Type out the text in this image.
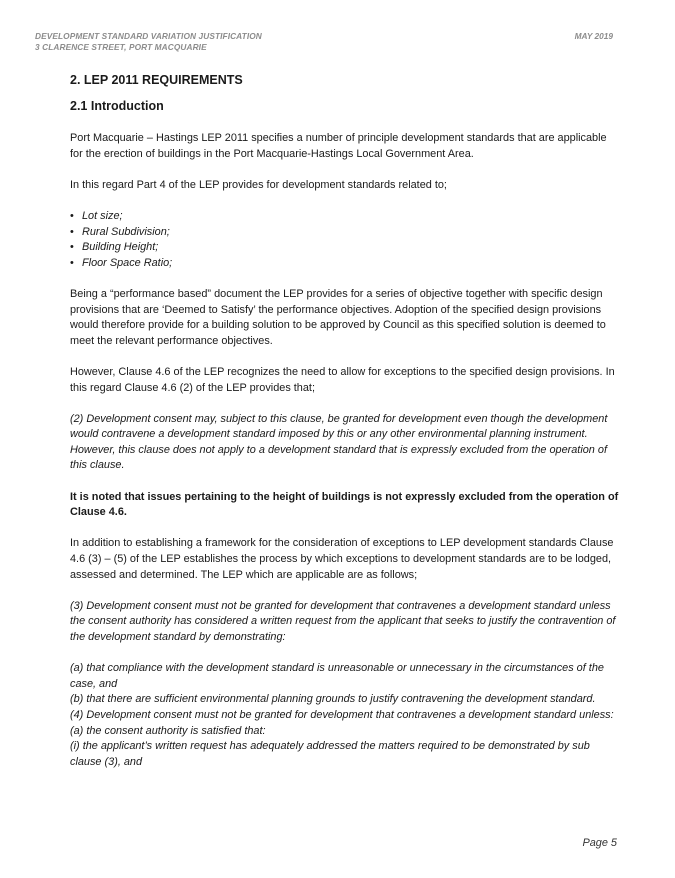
DEVELOPMENT STANDARD VARIATION JUSTIFICATION
3 CLARENCE STREET, PORT MACQUARIE
MAY 2019

2. LEP 2011 REQUIREMENTS

2.1 Introduction

Port Macquarie – Hastings LEP 2011 specifies a number of principle development standards that are applicable for the erection of buildings in the Port Macquarie-Hastings Local Government Area.

In this regard Part 4 of the LEP provides for development standards related to;

• Lot size;
• Rural Subdivision;
• Building Height;
• Floor Space Ratio;

Being a “performance based” document the LEP provides for a series of objective together with specific design provisions that are ‘Deemed to Satisfy’ the performance objectives. Adoption of the specified design provisions would therefore provide for a building solution to be approved by Council as this specified solution is deemed to meet the relevant performance objectives.

However, Clause 4.6 of the LEP recognizes the need to allow for exceptions to the specified design provisions. In this regard Clause 4.6 (2) of the LEP provides that;

(2) Development consent may, subject to this clause, be granted for development even though the development would contravene a development standard imposed by this or any other environmental planning instrument. However, this clause does not apply to a development standard that is expressly excluded from the operation of this clause.

It is noted that issues pertaining to the height of buildings is not expressly excluded from the operation of Clause 4.6.

In addition to establishing a framework for the consideration of exceptions to LEP development standards Clause 4.6 (3) – (5) of the LEP establishes the process by which exceptions to development standards are to be lodged, assessed and determined. The LEP which are applicable are as follows;

(3) Development consent must not be granted for development that contravenes a development standard unless the consent authority has considered a written request from the applicant that seeks to justify the contravention of the development standard by demonstrating:

(a) that compliance with the development standard is unreasonable or unnecessary in the circumstances of the case, and

(b) that there are sufficient environmental planning grounds to justify contravening the development standard.

(4) Development consent must not be granted for development that contravenes a development standard unless:

(a) the consent authority is satisfied that:

(i) the applicant’s written request has adequately addressed the matters required to be demonstrated by sub clause (3), and

Page 5
